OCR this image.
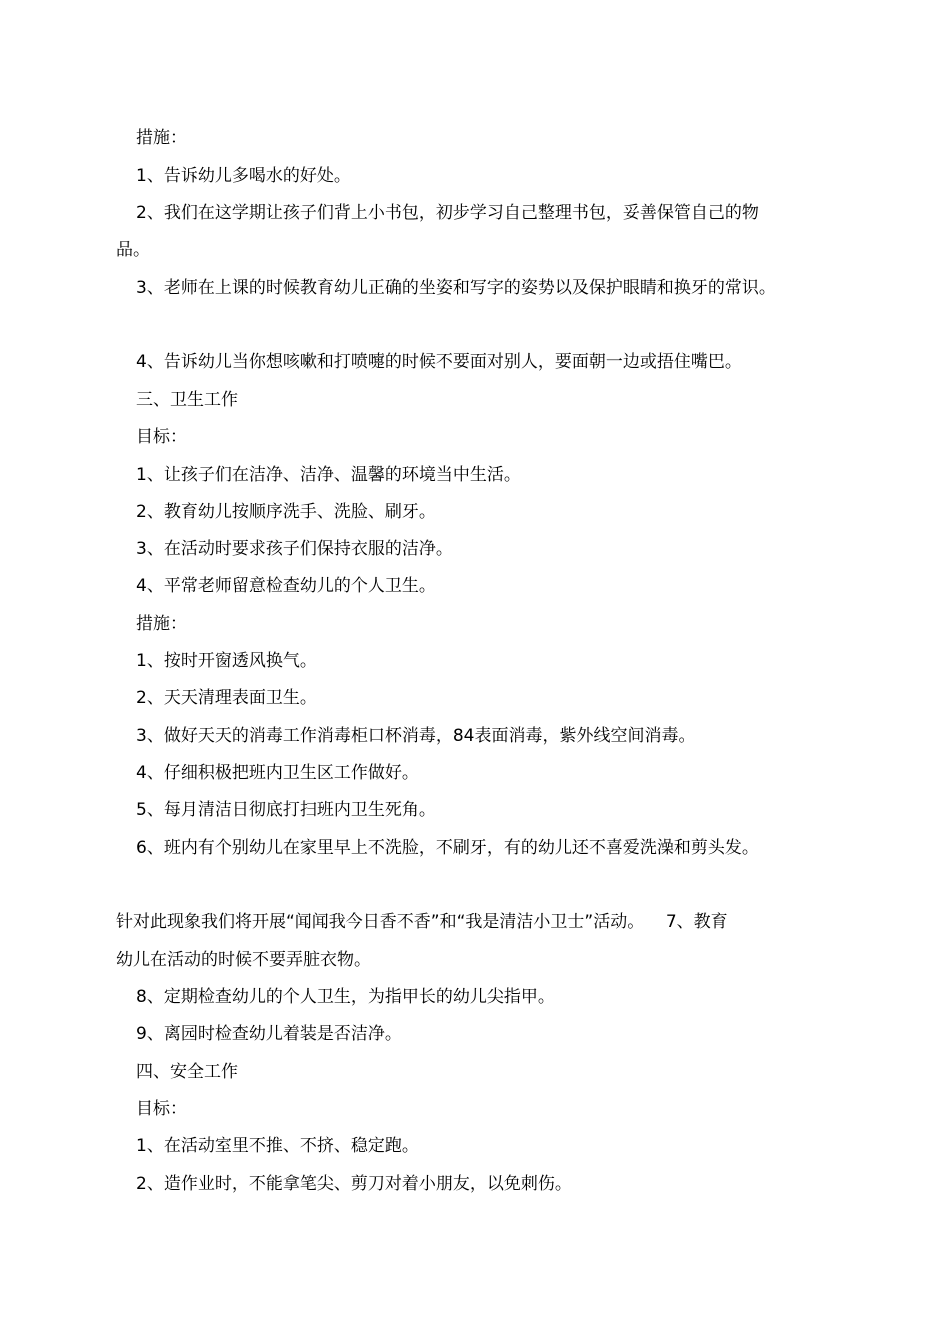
措施：
1、告诉幼儿多喝水的好处。
2、我们在这学期让孩子们背上小书包，初步学习自己整理书包，妥善保管自己的物
品。
3、老师在上课的时候教育幼儿正确的坐姿和写字的姿势以及保护眼睛和换牙的常识。
4、告诉幼儿当你想咳嗽和打喷嚏的时候不要面对别人，要面朝一边或捂住嘴巴。
三、卫生工作
目标：
1、让孩子们在洁净、洁净、温馨的环境当中生活。
2、教育幼儿按顺序洗手、洗脸、刷牙。
3、在活动时要求孩子们保持衣服的洁净。
4、平常老师留意检查幼儿的个人卫生。
措施：
1、按时开窗透风换气。
2、天天清理表面卫生。
3、做好天天的消毒工作消毒柜口杯消毒，84表面消毒，紫外线空间消毒。
4、仔细积极把班内卫生区工作做好。
5、每月清洁日彻底打扫班内卫生死角。
6、班内有个别幼儿在家里早上不洗脸，不刷牙，有的幼儿还不喜爱洗澡和剪头发。
针对此现象我们将开展“闻闻我今日香不香”和“我是清洁小卫士”活动。    7、教育
幼儿在活动的时候不要弄脏衣物。
8、定期检查幼儿的个人卫生，为指甲长的幼儿尖指甲。
9、离园时检查幼儿着装是否洁净。
四、安全工作
目标：
1、在活动室里不推、不挤、稳定跑。
2、造作业时，不能拿笔尖、剪刀对着小朋友，以免刺伤。
